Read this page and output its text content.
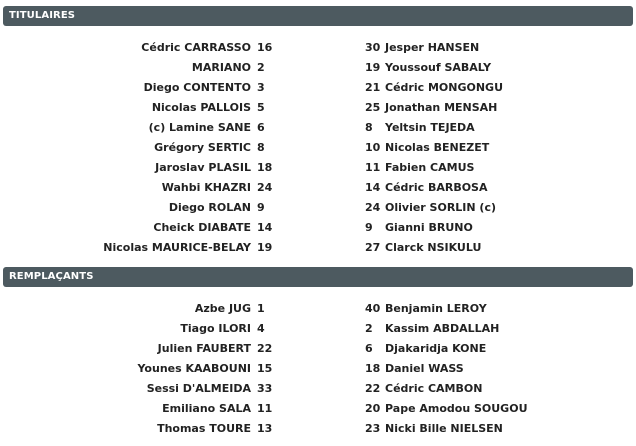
TITULAIRES
Cédric CARRASSO 16	30 Jesper HANSEN
MARIANO 2	19 Youssouf SABALY
Diego CONTENTO 3	21 Cédric MONGONGU
Nicolas PALLOIS 5	25 Jonathan MENSAH
(c) Lamine SANE 6	8 Yeltsin TEJEDA
Grégory SERTIC 8	10 Nicolas BENEZET
Jaroslav PLASIL 18	11 Fabien CAMUS
Wahbi KHAZRI 24	14 Cédric BARBOSA
Diego ROLAN 9	24 Olivier SORLIN (c)
Cheick DIABATE 14	9 Gianni BRUNO
Nicolas MAURICE-BELAY 19	27 Clarck NSIKULU
REMPLAÇANTS
Azbe JUG 1	40 Benjamin LEROY
Tiago ILORI 4	2 Kassim ABDALLAH
Julien FAUBERT 22	6 Djakaridja KONE
Younes KAABOUNI 15	18 Daniel WASS
Sessi D'ALMEIDA 33	22 Cédric CAMBON
Emiliano SALA 11	20 Pape Amodou SOUGOU
Thomas TOURE 13	23 Nicki Bille NIELSEN
